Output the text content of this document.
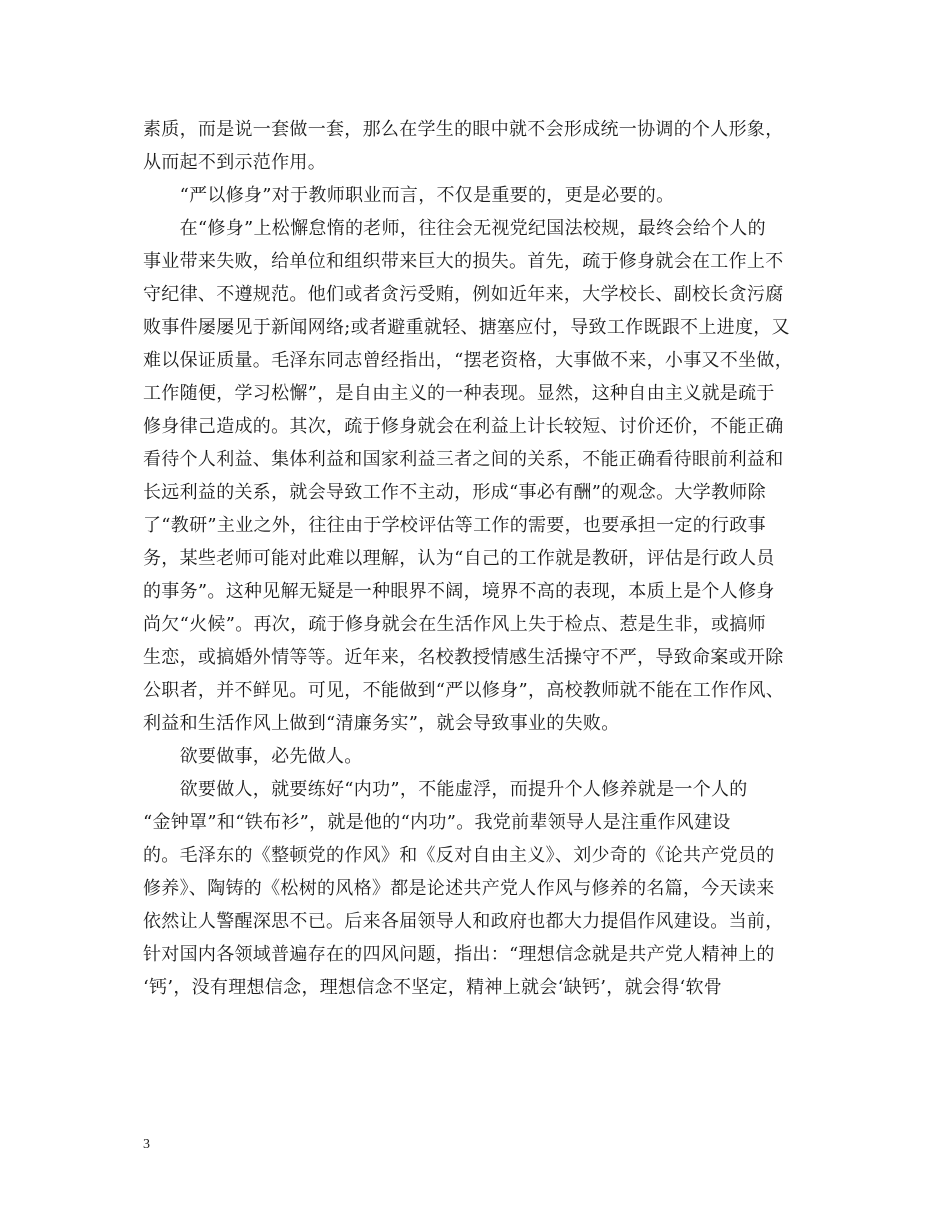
素质，而是说一套做一套，那么在学生的眼中就不会形成统一协调的个人形象，
从而起不到示范作用。
　　“严以修身”对于教师职业而言，不仅是重要的，更是必要的。
　　在“修身”上松懈怠惰的老师，往往会无视党纪国法校规，最终会给个人的
事业带来失败，给单位和组织带来巨大的损失。首先，疏于修身就会在工作上不
守纪律、不遵规范。他们或者贪污受贿，例如近年来，大学校长、副校长贪污腐
败事件屡屡见于新闻网络;或者避重就轻、搪塞应付，导致工作既跟不上进度，又
难以保证质量。毛泽东同志曾经指出，“摆老资格，大事做不来，小事又不坐做，
工作随便，学习松懈”，是自由主义的一种表现。显然，这种自由主义就是疏于
修身律己造成的。其次，疏于修身就会在利益上计长较短、讨价还价，不能正确
看待个人利益、集体利益和国家利益三者之间的关系，不能正确看待眼前利益和
长远利益的关系，就会导致工作不主动，形成“事必有酬”的观念。大学教师除
了“教研”主业之外，往往由于学校评估等工作的需要，也要承担一定的行政事
务，某些老师可能对此难以理解，认为“自己的工作就是教研，评估是行政人员
的事务”。这种见解无疑是一种眼界不阔，境界不高的表现，本质上是个人修身
尚欠“火候”。再次，疏于修身就会在生活作风上失于检点、惹是生非，或搞师
生恋，或搞婚外情等等。近年来，名校教授情感生活操守不严，导致命案或开除
公职者，并不鲜见。可见，不能做到“严以修身”，高校教师就不能在工作作风、
利益和生活作风上做到“清廉务实”，就会导致事业的失败。
　　欲要做事，必先做人。
　　欲要做人，就要练好“内功”，不能虚浮，而提升个人修养就是一个人的
“金钟罩”和“铁布衫”，就是他的“内功”。我党前辈领导人是注重作风建设
的。毛泽东的《整顿党的作风》和《反对自由主义》、刘少奇的《论共产党员的
修养》、陶铸的《松树的风格》都是论述共产党人作风与修养的名篇，今天读来
依然让人警醒深思不已。后来各届领导人和政府也都大力提倡作风建设。当前，
针对国内各领域普遍存在的四风问题，指出：“理想信念就是共产党人精神上的
‘钙’，没有理想信念，理想信念不坚定，精神上就会‘缺钙’，就会得‘软骨
3
